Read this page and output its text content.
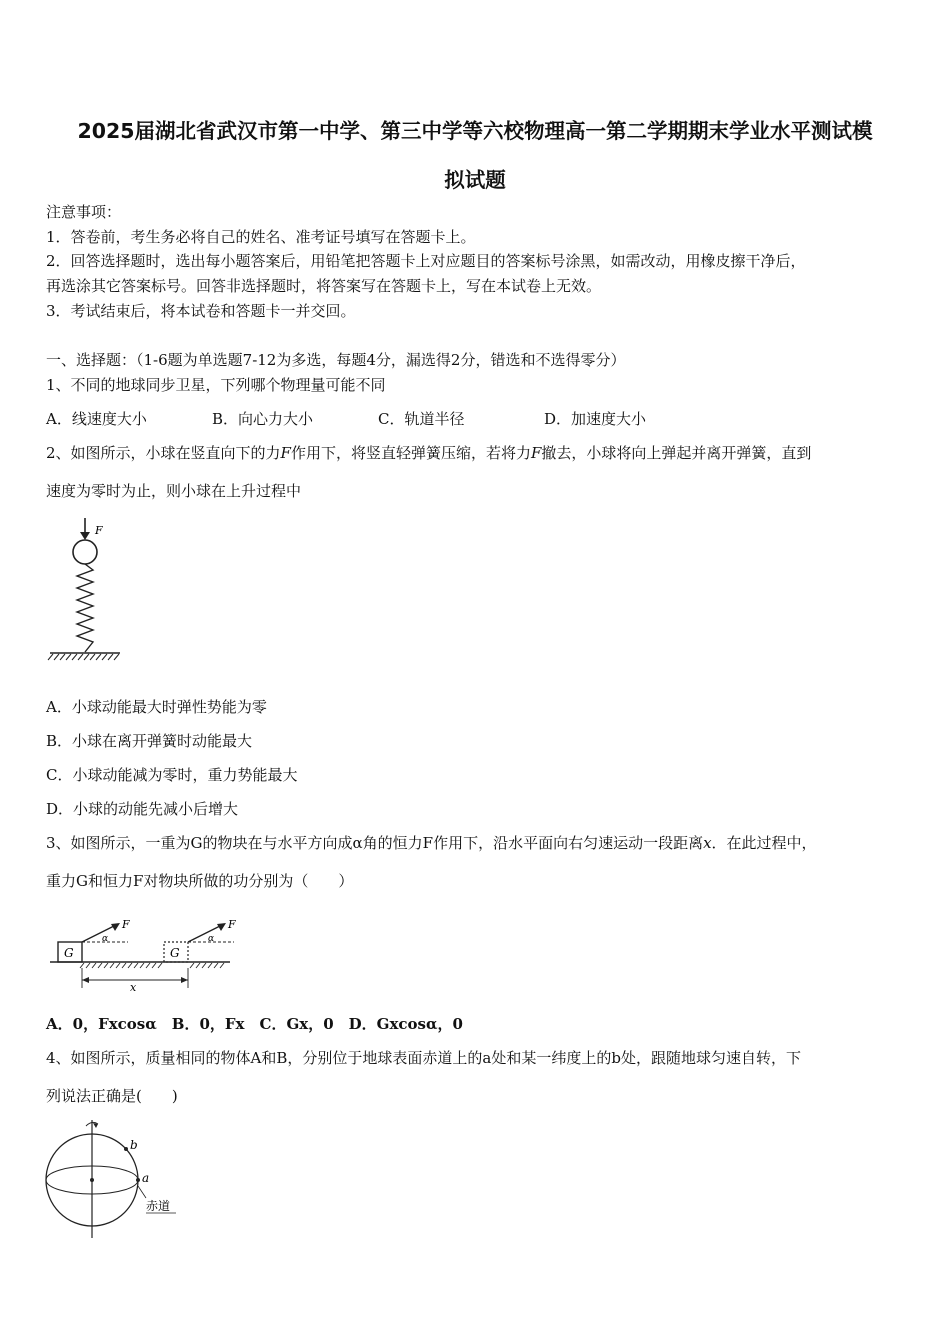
2025届湖北省武汉市第一中学、第三中学等六校物理高一第二学期期末学业水平测试模
拟试题
注意事项：
1．答卷前，考生务必将自己的姓名、准考证号填写在答题卡上。
2．回答选择题时，选出每小题答案后，用铅笔把答题卡上对应题目的答案标号涂黑，如需改动，用橡皮擦干净后，
再选涂其它答案标号。回答非选择题时，将答案写在答题卡上，写在本试卷上无效。
3．考试结束后，将本试卷和答题卡一并交回。
一、选择题：（1-6题为单选题7-12为多选，每题4分，漏选得2分，错选和不选得零分）
1、不同的地球同步卫星，下列哪个物理量可能不同
A．线速度大小	B．向心力大小	C．轨道半径	D．加速度大小
2、如图所示，小球在竖直向下的力F作用下，将竖直轻弹簧压缩，若将力F撤去，小球将向上弹起并离开弹簧，直到
速度为零时为止，则小球在上升过程中
F
A．小球动能最大时弹性势能为零
B．小球在离开弹簧时动能最大
C．小球动能减为零时，重力势能最大
D．小球的动能先减小后增大
3、如图所示，一重为G的物块在与水平方向成α角的恒力F作用下，沿水平面向右匀速运动一段距离x．在此过程中，
重力G和恒力F对物块所做的功分别为（　　）
G
F
α
G
F
α
x
A．0，Fxcosα　B．0，Fx　C．Gx，0　D．Gxcosα，0
4、如图所示，质量相同的物体A和B，分别位于地球表面赤道上的a处和某一纬度上的b处，跟随地球匀速自转，下
列说法正确是(　　)
b
a
赤道
